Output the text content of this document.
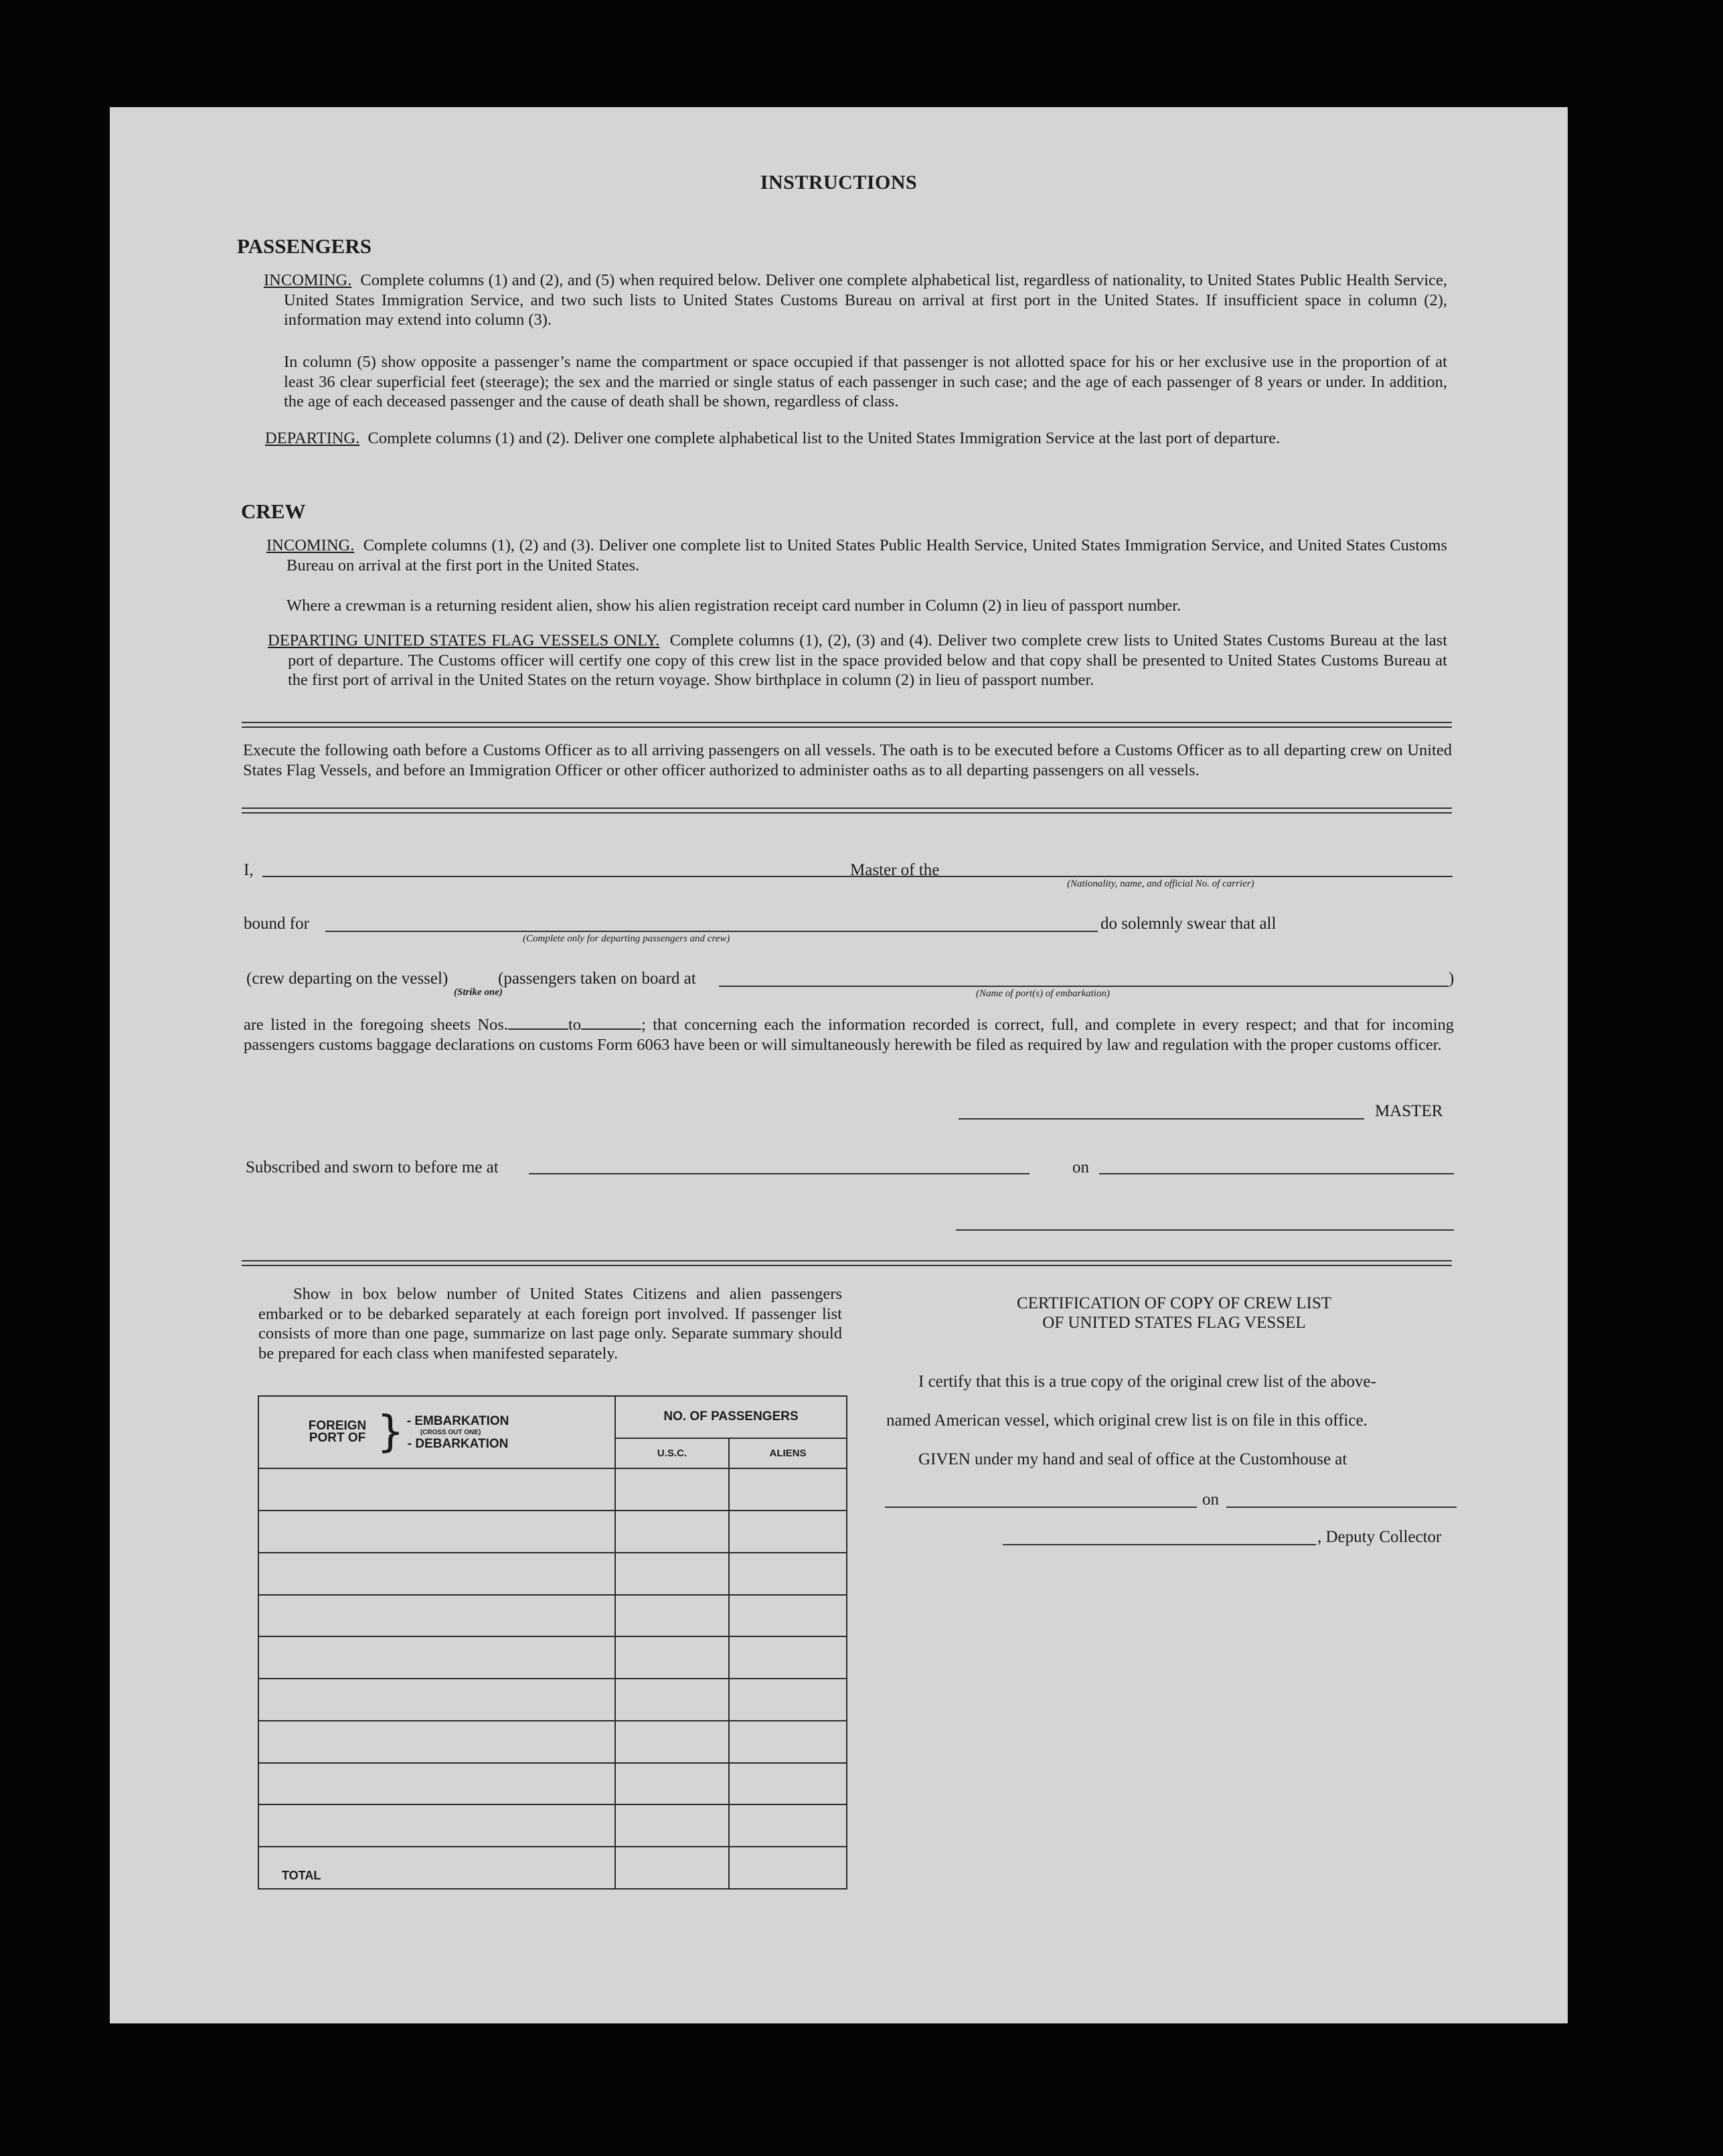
INSTRUCTIONS
PASSENGERS

INCOMING. Complete columns (1) and (2), and (5) when required below. Deliver one complete alphabetical list, regardless of nationality, to United States Public Health Service, United States Immigration Service, and two such lists to United States Customs Bureau on arrival at first port in the United States. If insufficient space in column (2), information may extend into column (3).

In column (5) show opposite a passenger’s name the compartment or space occupied if that passenger is not allotted space for his or her exclusive use in the proportion of at least 36 clear superficial feet (steerage); the sex and the married or single status of each passenger in such case; and the age of each passenger of 8 years or under. In addition, the age of each deceased passenger and the cause of death shall be shown, regardless of class.

DEPARTING. Complete columns (1) and (2). Deliver one complete alphabetical list to the United States Immigration Service at the last port of departure.

CREW

INCOMING. Complete columns (1), (2) and (3). Deliver one complete list to United States Public Health Service, United States Immigration Service, and United States Customs Bureau on arrival at the first port in the United States.

Where a crewman is a returning resident alien, show his alien registration receipt card number in Column (2) in lieu of passport number.

DEPARTING UNITED STATES FLAG VESSELS ONLY. Complete columns (1), (2), (3) and (4). Deliver two complete crew lists to United States Customs Bureau at the last port of departure. The Customs officer will certify one copy of this crew list in the space provided below and that copy shall be presented to United States Customs Bureau at the first port of arrival in the United States on the return voyage. Show birthplace in column (2) in lieu of passport number.

Execute the following oath before a Customs Officer as to all arriving passengers on all vessels. The oath is to be executed before a Customs Officer as to all departing crew on United States Flag Vessels, and before an Immigration Officer or other officer authorized to administer oaths as to all departing passengers on all vessels.

I,	Master of the
(Nationality, name, and official No. of carrier)
bound for	do solemnly swear that all
(Complete only for departing passengers and crew)
(crew departing on the vessel)
(Strike one)
(passengers taken on board at	)
(Name of port(s) of embarkation)

are listed in the foregoing sheets Nos.	to	; that concerning each the information recorded is correct, full, and complete in every respect; and that for incoming passengers customs baggage declarations on customs Form 6063 have been or will simultaneously herewith be filed as required by law and regulation with the proper customs officer.

MASTER
Subscribed and sworn to before me at	on

Show in box below number of United States Citizens and alien passengers embarked or to be debarked separately at each foreign port involved. If passenger list consists of more than one page, summarize on last page only. Separate summary should be prepared for each class when manifested separately.

FOREIGN PORT OF } - EMBARKATION
(CROSS OUT ONE)
- DEBARKATION	NO. OF PASSENGERS	
	U.S.C.	ALIENS

TOTAL		
CERTIFICATION OF COPY OF CREW LIST
OF UNITED STATES FLAG VESSEL
I certify that this is a true copy of the original crew list of the above-
named American vessel, which original crew list is on file in this office.
GIVEN under my hand and seal of office at the Customhouse at
on
, Deputy Collector
